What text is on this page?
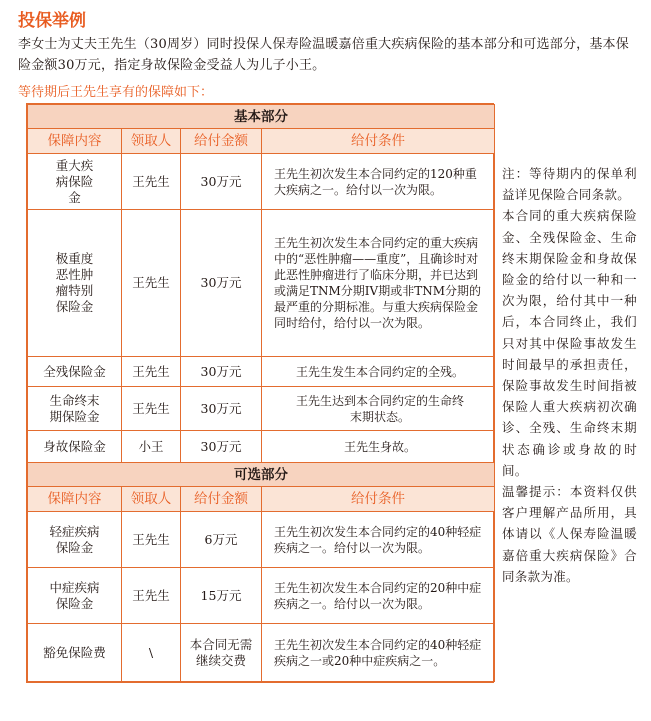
投保举例
李女士为丈夫王先生（30周岁）同时投保人保寿险温暖嘉倍重大疾病保险的基本部分和可选部分，基本保险金额30万元，指定身故保险金受益人为儿子小王。
等待期后王先生享有的保障如下：
基本部分			
保障内容	领取人	给付金额	给付条件

重大疾病保险金	王先生	30万元	王先生初次发生本合同约定的120种重大疾病之一。给付以一次为限。

极重度恶性肿瘤特别保险金	王先生	30万元	王先生初次发生本合同约定的重大疾病中的“恶性肿瘤——重度”，且确诊时对此恶性肿瘤进行了临床分期，并已达到或满足TNM分期IV期或非TNM分期的最严重的分期标准。与重大疾病保险金同时给付，给付以一次为限。
全残保险金	王先生	30万元	王先生发生本合同约定的全残。

生命终末期保险金	王先生	30万元	王先生达到本合同约定的生命终末期状态。

身故保险金	小王	30万元	王先生身故。
可选部分			
保障内容	领取人	给付金额	给付条件

轻症疾病保险金	王先生	6万元	王先生初次发生本合同约定的40种轻症疾病之一。给付以一次为限。

中症疾病保险金	王先生	15万元	王先生初次发生本合同约定的20种中症疾病之一。给付以一次为限。
豁免保险费	\	本合同无需继续交费	王先生初次发生本合同约定的40种轻症疾病之一或20种中症疾病之一。
注：等待期内的保单利益详见保险合同条款。
本合同的重大疾病保险金、全残保险金、生命终末期保险金和身故保险金的给付以一种和一次为限，给付其中一种后，本合同终止，我们只对其中保险事故发生时间最早的承担责任，保险事故发生时间指被保险人重大疾病初次确诊、全残、生命终末期状态确诊或身故的时间。
温馨提示：本资料仅供客户理解产品所用，具体请以《人保寿险温暖嘉倍重大疾病保险》合同条款为准。
